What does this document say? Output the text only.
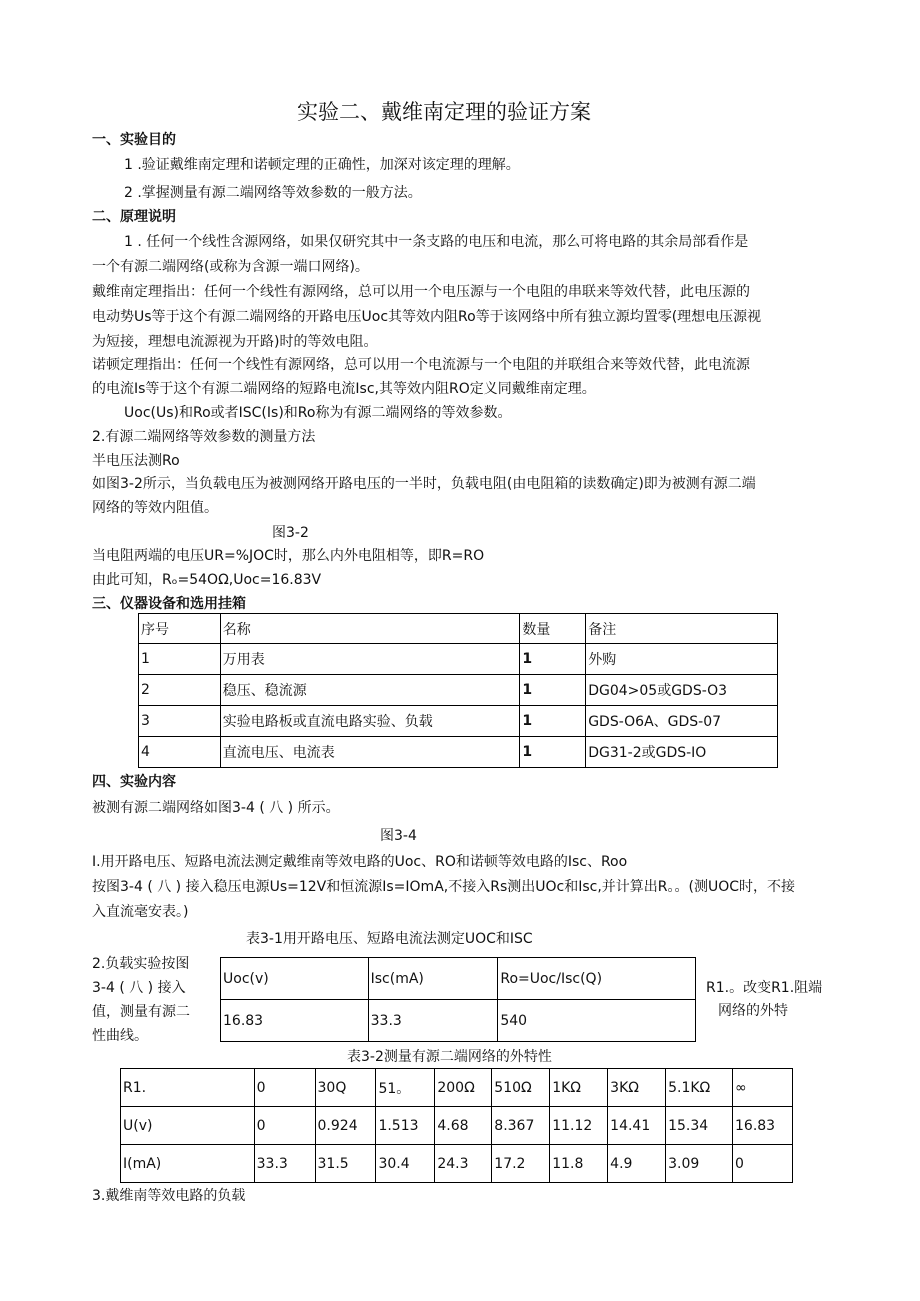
实验二、戴维南定理的验证方案
一、实验目的
1 .验证戴维南定理和诺顿定理的正确性，加深对该定理的理解。
2 .掌握测量有源二端网络等效参数的一般方法。
二、原理说明
1 . 任何一个线性含源网络，如果仅研究其中一条支路的电压和电流，那么可将电路的其余局部看作是
一个有源二端网络(或称为含源一端口网络)。
戴维南定理指出：任何一个线性有源网络，总可以用一个电压源与一个电阻的串联来等效代替，此电压源的
电动势Us等于这个有源二端网络的开路电压Uoc其等效内阻Ro等于该网络中所有独立源均置零(理想电压源视
为短接，理想电流源视为开路)时的等效电阻。
诺顿定理指出：任何一个线性有源网络，总可以用一个电流源与一个电阻的并联组合来等效代替，此电流源
的电流Is等于这个有源二端网络的短路电流Isc,其等效内阻RO定义同戴维南定理。
Uoc(Us)和Ro或者ISC(Is)和Ro称为有源二端网络的等效参数。
2.有源二端网络等效参数的测量方法
半电压法测Ro
如图3-2所示，当负载电压为被测网络开路电压的一半时，负载电阻(由电阻箱的读数确定)即为被测有源二端
网络的等效内阻值。
图3-2
当电阻两端的电压UR=%JOC时，那么内外电阻相等，即R=RO
由此可知，Rₒ=54OΩ,Uoc=16.83V
三、仪器设备和选用挂箱
序号	名称	数量	备注
1	万用表	1	外购
2	稳压、稳流源	1	DG04>05或GDS-O3
3	实验电路板或直流电路实验、负载	1	GDS-O6A、GDS-07
4	直流电压、电流表	1	DG31-2或GDS-IO
四、实验内容
被测有源二端网络如图3-4 ( 八 ) 所示。
图3-4
I.用开路电压、短路电流法测定戴维南等效电路的Uoc、RO和诺顿等效电路的Isc、Roo
按图3-4 ( 八 ) 接入稳压电源Us=12V和恒流源Is=IOmA,不接入Rs测出UOc和Isc,并计算出R。。(测UOC时，不接
入直流毫安表。)
表3-1用开路电压、短路电流法测定UOC和ISC
2.负载实验按图
3-4 ( 八 ) 接入
值，测量有源二
性曲线。
Uoc(v)	Isc(mA)	Ro=Uoc/Isc(Q)
16.83	33.3	540
R1.。改变R1.阻端
网络的外特
表3-2测量有源二端网络的外特性
R1.	0	30Q	51。	200Ω	510Ω	1KΩ	3KΩ	5.1KΩ	∞
U(v)	0	0.924	1.513	4.68	8.367	11.12	14.41	15.34	16.83
I(mA)	33.3	31.5	30.4	24.3	17.2	11.8	4.9	3.09	0
3.戴维南等效电路的负载
